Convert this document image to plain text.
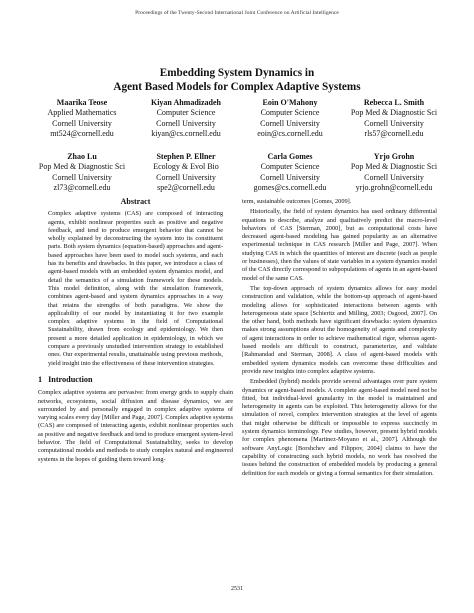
Proceedings of the Twenty-Second International Joint Conference on Artificial Intelligence
Embedding System Dynamics in
Agent Based Models for Complex Adaptive Systems
Maarika Teose
Applied Mathematics
Cornell University
mt524@cornell.edu
Kiyan Ahmadizadeh
Computer Science
Cornell University
kiyan@cs.cornell.edu
Eoin O'Mahony
Computer Science
Cornell University
eoin@cs.cornell.edu
Rebecca L. Smith
Pop Med & Diagnostic Sci
Cornell University
rls57@cornell.edu
Zhao Lu
Pop Med & Diagnostic Sci
Cornell University
zl73@cornell.edu
Stephen P. Ellner
Ecology & Evol Bio
Cornell University
spe2@cornell.edu
Carla Gomes
Computer Science
Cornell University
gomes@cs.cornell.edu
Yrjo Grohn
Pop Med & Diagnostic Sci
Cornell University
yrjo.grohn@cornell.edu
Abstract

Complex adaptive systems (CAS) are composed of interacting agents, exhibit nonlinear properties such as positive and negative feedback, and tend to produce emergent behavior that cannot be wholly explained by deconstructing the system into its constituent parts. Both system dynamics (equation-based) approaches and agent-based approaches have been used to model such systems, and each has its benefits and drawbacks. In this paper, we introduce a class of agent-based models with an embedded system dynamics model, and detail the semantics of a simulation framework for these models. This model definition, along with the simulation framework, combines agent-based and system dynamics approaches in a way that retains the strengths of both paradigms. We show the applicability of our model by instantiating it for two example complex adaptive systems in the field of Computational Sustainability, drawn from ecology and epidemiology. We then present a more detailed application in epidemiology, in which we compare a previously unstudied intervention strategy to established ones. Our experimental results, unattainable using previous methods, yield insight into the effectiveness of these intervention strategies.

1 Introduction

Complex adaptive systems are pervasive: from energy grids to supply chain networks, ecosystems, social diffusion and disease dynamics, we are surrounded by and personally engaged in complex adaptive systems of varying scales every day [Miller and Page, 2007]. Complex adaptive systems (CAS) are composed of interacting agents, exhibit nonlinear properties such as positive and negative feedback and tend to produce emergent system-level behavior. The field of Computational Sustainability, seeks to develop computational models and methods to study complex natural and engineered systems in the hopes of guiding them toward long-

term, sustainable outcomes [Gomes, 2009].

Historically, the field of system dynamics has used ordinary differential equations to describe, analyze and qualitatively predict the macro-level behaviors of CAS [Sterman, 2000], but as computational costs have decreased agent-based modeling has gained popularity as an alternative experimental technique in CAS research [Miller and Page, 2007]. When studying CAS in which the quantities of interest are discrete (such as people or businesses), then the values of state variables in a system dynamics model of the CAS directly correspond to subpopulations of agents in an agent-based model of the same CAS.

The top-down approach of system dynamics allows for easy model construction and validation, while the bottom-up approach of agent-based modeling allows for sophisticated interactions between agents with heterogeneous state space [Schieritz and Milling, 2003; Osgood, 2007]. On the other hand, both methods have significant drawbacks: system dynamics makes strong assumptions about the homogeneity of agents and complexity of agent interactions in order to achieve mathematical rigor, whereas agent-based models are difficult to construct, parameterize, and validate [Rahmandad and Sterman, 2008]. A class of agent-based models with embedded system dynamics models can overcome these difficulties and provide new insights into complex adaptive systems.

Embedded (hybrid) models provide several advantages over pure system dynamics or agent-based models. A complete agent-based model need not be fitted, but individual-level granularity in the model is maintained and heterogeneity in agents can be exploited. This heterogeneity allows for the simulation of novel, complex intervention strategies at the level of agents that might otherwise be difficult or impossible to express succinctly in system dynamics terminology. Few studies, however, present hybrid models for complex phenomena [Martinez-Moyano et al., 2007]. Although the software AnyLogic [Borshchev and Filippov, 2004] claims to have the capability of constructing such hybrid models, no work has resolved the issues behind the construction of embedded models by producing a general definition for such models or giving a formal semantics for their simulation.

2531
